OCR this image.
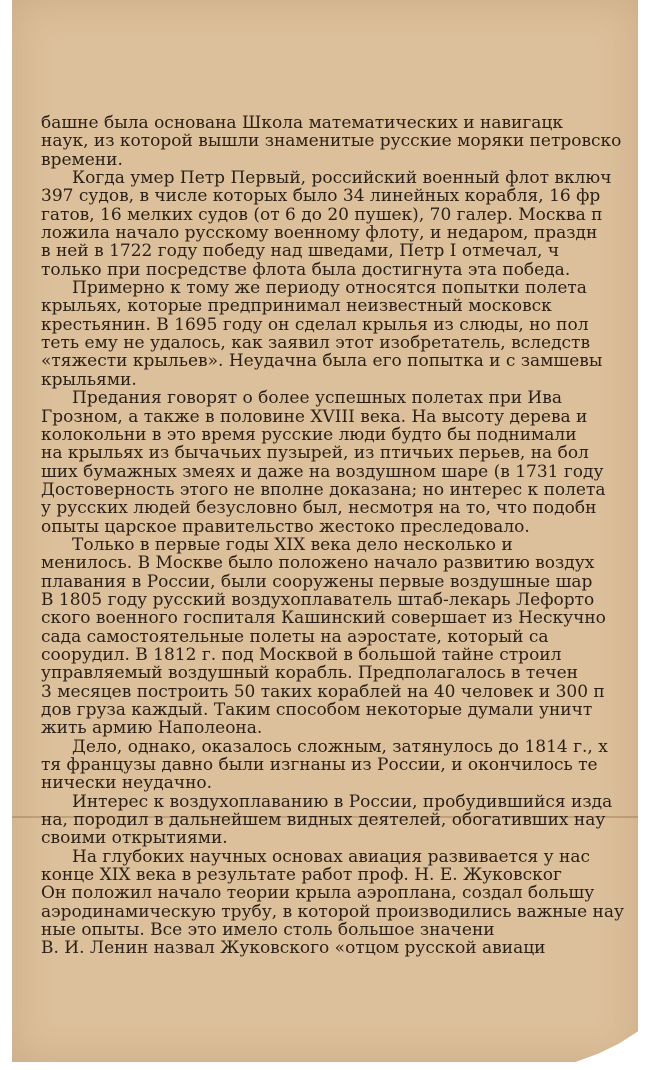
башне была основана Школа математических и навигацк
наук, из которой вышли знаменитые русские моряки петровско
времени.
Когда умер Петр Первый, российский военный флот включ
397 судов, в числе которых было 34 линейных корабля, 16 фр
гатов, 16 мелких судов (от 6 до 20 пушек), 70 галер. Москва п
ложила начало русскому военному флоту, и недаром, праздн
в ней в 1722 году победу над шведами, Петр I отмечал, ч
только при посредстве флота была достигнута эта победа.
Примерно к тому же периоду относятся попытки полета
крыльях, которые предпринимал неизвестный московск
крестьянин. В 1695 году он сделал крылья из слюды, но пол
теть ему не удалось, как заявил этот изобретатель, вследств
«тяжести крыльев». Неудачна была его попытка и с замшевы
крыльями.
Предания говорят о более успешных полетах при Ива
Грозном, а также в половине XVIII века. На высоту дерева и
колокольни в это время русские люди будто бы поднимали
на крыльях из бычачьих пузырей, из птичьих перьев, на бол
ших бумажных змеях и даже на воздушном шаре (в 1731 году
Достоверность этого не вполне доказана; но интерес к полета
у русских людей безусловно был, несмотря на то, что подобн
опыты царское правительство жестоко преследовало.
Только в первые годы XIX века дело несколько и
менилось. В Москве было положено начало развитию воздух
плавания в России, были сооружены первые воздушные шар
В 1805 году русский воздухоплаватель штаб-лекарь Лефорто
ского военного госпиталя Кашинский совершает из Нескучно
сада самостоятельные полеты на аэростате, который са
соорудил. В 1812 г. под Москвой в большой тайне строил
управляемый воздушный корабль. Предполагалось в течен
3 месяцев построить 50 таких кораблей на 40 человек и 300 п
дов груза каждый. Таким способом некоторые думали уничт
жить армию Наполеона.
Дело, однако, оказалось сложным, затянулось до 1814 г., х
тя французы давно были изгнаны из России, и окончилось те
нически неудачно.
Интерес к воздухоплаванию в России, пробудившийся изда
на, породил в дальнейшем видных деятелей, обогативших нау
своими открытиями.
На глубоких научных основах авиация развивается у нас
конце XIX века в результате работ проф. Н. Е. Жуковског
Он положил начало теории крыла аэроплана, создал большу
аэродинамическую трубу, в которой производились важные нау
ные опыты. Все это имело столь большое значени
В. И. Ленин назвал Жуковского «отцом русской авиаци
